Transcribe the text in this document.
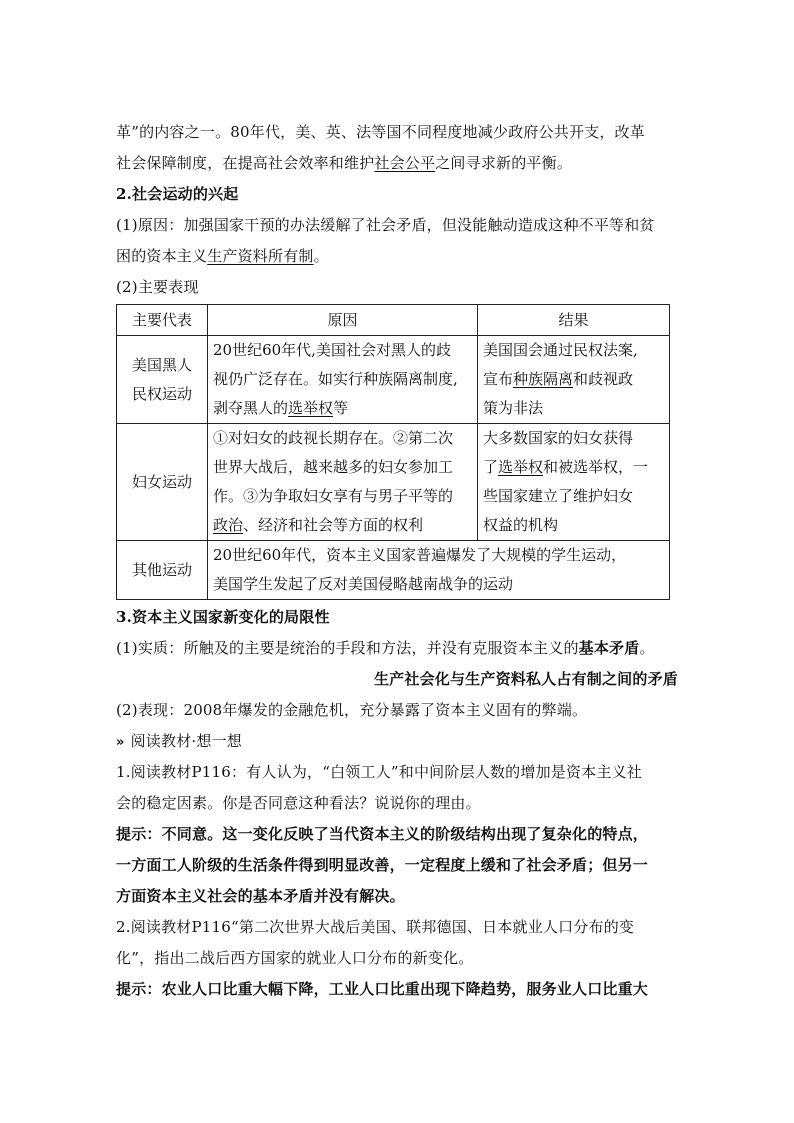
革”的内容之一。80年代，美、英、法等国不同程度地减少政府公共开支，改革
社会保障制度，在提高社会效率和维护社会公平之间寻求新的平衡。
2.社会运动的兴起
(1)原因：加强国家干预的办法缓解了社会矛盾，但没能触动造成这种不平等和贫
困的资本主义生产资料所有制。
(2)主要表现
主要代表	原因	结果

美国黑人
民权运动	20世纪60年代,美国社会对黑人的歧
视仍广泛存在。如实行种族隔离制度,
剥夺黑人的选举权等	美国国会通过民权法案,
宣布种族隔离和歧视政
策为非法

妇女运动	①对妇女的歧视长期存在。②第二次
世界大战后，越来越多的妇女参加工
作。③为争取妇女享有与男子平等的
政治、经济和社会等方面的权利	大多数国家的妇女获得
了选举权和被选举权，一
些国家建立了维护妇女
权益的机构

其他运动	20世纪60年代，资本主义国家普遍爆发了大规模的学生运动，
美国学生发起了反对美国侵略越南战争的运动	
3.资本主义国家新变化的局限性
(1)实质：所触及的主要是统治的手段和方法，并没有克服资本主义的基本矛盾。
生产社会化与生产资料私人占有制之间的矛盾
(2)表现：2008年爆发的金融危机，充分暴露了资本主义固有的弊端。
» 阅读教材·想一想
1.阅读教材P116：有人认为，“白领工人”和中间阶层人数的增加是资本主义社
会的稳定因素。你是否同意这种看法？说说你的理由。
提示：不同意。这一变化反映了当代资本主义的阶级结构出现了复杂化的特点，
一方面工人阶级的生活条件得到明显改善，一定程度上缓和了社会矛盾；但另一
方面资本主义社会的基本矛盾并没有解决。
2.阅读教材P116“第二次世界大战后美国、联邦德国、日本就业人口分布的变
化”，指出二战后西方国家的就业人口分布的新变化。
提示：农业人口比重大幅下降，工业人口比重出现下降趋势，服务业人口比重大
